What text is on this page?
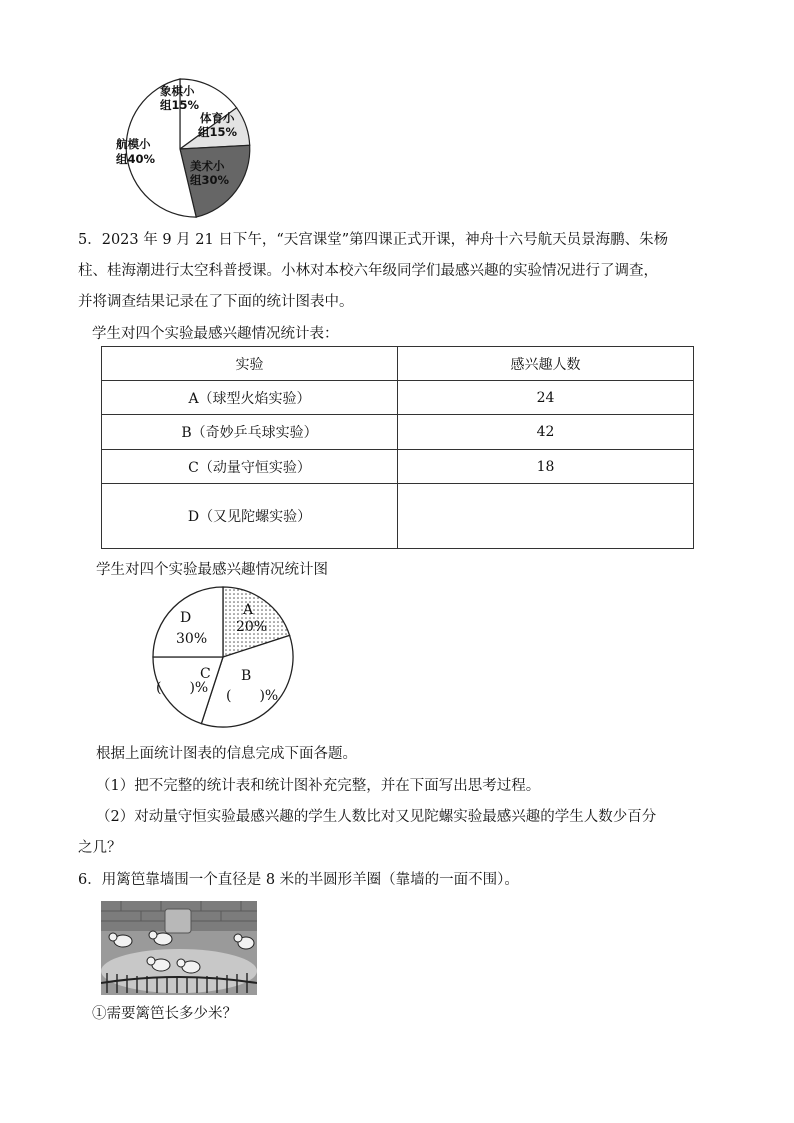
象棋小
组15%
体育小
组15%
美术小
组30%
航模小
组40%
5．2023 年 9 月 21 日下午，“天宫课堂”第四课正式开课，神舟十六号航天员景海鹏、朱杨
柱、桂海潮进行太空科普授课。小林对本校六年级同学们最感兴趣的实验情况进行了调查，
并将调查结果记录在了下面的统计图表中。
学生对四个实验最感兴趣情况统计表：
实验	感兴趣人数
A（球型火焰实验）	24
B（奇妙乒乓球实验）	42
C（动量守恒实验）	18
D（又见陀螺实验）	
学生对四个实验最感兴趣情况统计图
A
20%
B
(　　)%
C
(　　)%
D
30%
根据上面统计图表的信息完成下面各题。
（1）把不完整的统计表和统计图补充完整，并在下面写出思考过程。
（2）对动量守恒实验最感兴趣的学生人数比对又见陀螺实验最感兴趣的学生人数少百分
之几？
6．用篱笆靠墙围一个直径是 8 米的半圆形羊圈（靠墙的一面不围）。
①需要篱笆长多少米？
